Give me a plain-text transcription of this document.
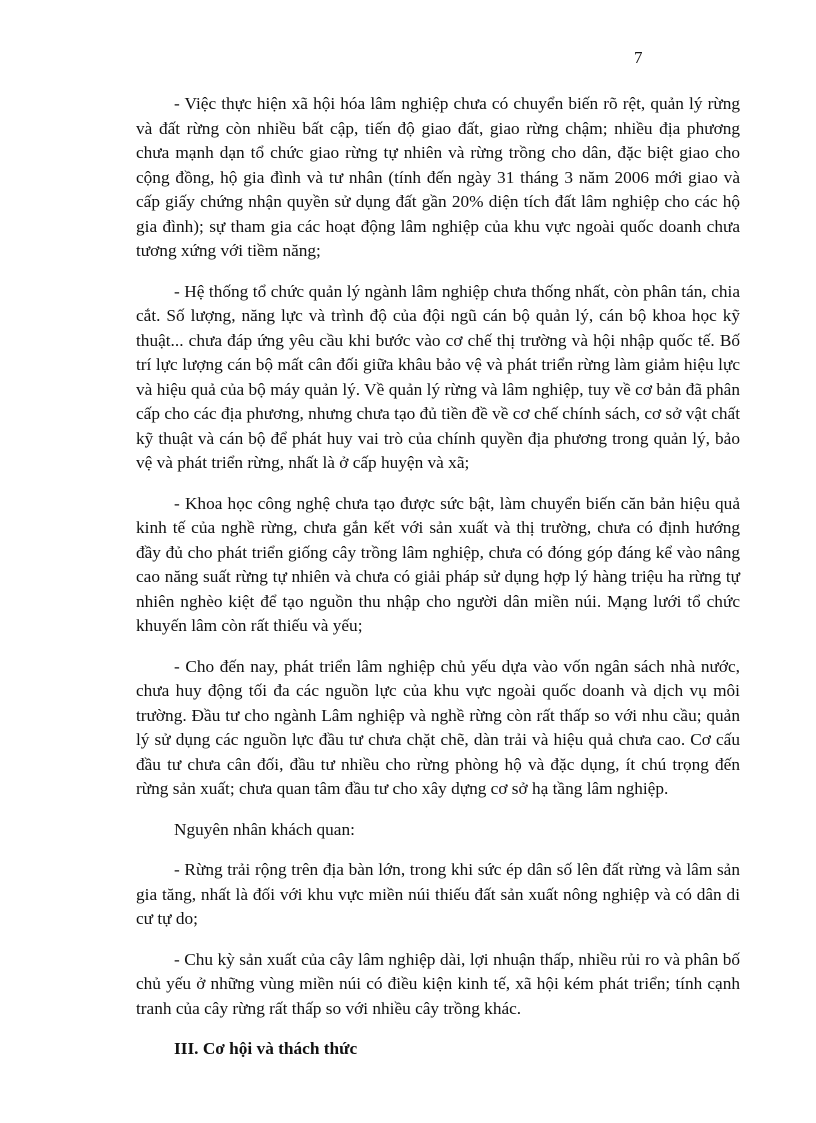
7

- Việc thực hiện xã hội hóa lâm nghiệp chưa có chuyển biến rõ rệt, quản lý rừng và đất rừng còn nhiều bất cập, tiến độ giao đất, giao rừng chậm; nhiều địa phương chưa mạnh dạn tổ chức giao rừng tự nhiên và rừng trồng cho dân, đặc biệt giao cho cộng đồng, hộ gia đình và tư nhân (tính đến ngày 31 tháng 3 năm 2006 mới giao và cấp giấy chứng nhận quyền sử dụng đất gần 20% diện tích đất lâm nghiệp cho các hộ gia đình); sự tham gia các hoạt động lâm nghiệp của khu vực ngoài quốc doanh chưa tương xứng với tiềm năng;

- Hệ thống tổ chức quản lý ngành lâm nghiệp chưa thống nhất, còn phân tán, chia cắt. Số lượng, năng lực và trình độ của đội ngũ cán bộ quản lý, cán bộ khoa học kỹ thuật... chưa đáp ứng yêu cầu khi bước vào cơ chế thị trường và hội nhập quốc tế. Bố trí lực lượng cán bộ mất cân đối giữa khâu bảo vệ và phát triển rừng làm giảm hiệu lực và hiệu quả của bộ máy quản lý. Về quản lý rừng và lâm nghiệp, tuy về cơ bản đã phân cấp cho các địa phương, nhưng chưa tạo đủ tiền đề về cơ chế chính sách, cơ sở vật chất kỹ thuật và cán bộ để phát huy vai trò của chính quyền địa phương trong quản lý, bảo vệ và phát triển rừng, nhất là ở cấp huyện và xã;

- Khoa học công nghệ chưa tạo được sức bật, làm chuyển biến căn bản hiệu quả kinh tế của nghề rừng, chưa gắn kết với sản xuất và thị trường, chưa có định hướng đầy đủ cho phát triển giống cây trồng lâm nghiệp, chưa có đóng góp đáng kể vào nâng cao năng suất rừng tự nhiên và chưa có giải pháp sử dụng hợp lý hàng triệu ha rừng tự nhiên nghèo kiệt để tạo nguồn thu nhập cho người dân miền núi. Mạng lưới tổ chức khuyến lâm còn rất thiếu và yếu;

- Cho đến nay, phát triển lâm nghiệp chủ yếu dựa vào vốn ngân sách nhà nước, chưa huy động tối đa các nguồn lực của khu vực ngoài quốc doanh và dịch vụ môi trường. Đầu tư cho ngành Lâm nghiệp và nghề rừng còn rất thấp so với nhu cầu; quản lý sử dụng các nguồn lực đầu tư chưa chặt chẽ, dàn trải và hiệu quả chưa cao. Cơ cấu đầu tư chưa cân đối, đầu tư nhiều cho rừng phòng hộ và đặc dụng, ít chú trọng đến rừng sản xuất; chưa quan tâm đầu tư cho xây dựng cơ sở hạ tầng lâm nghiệp.

Nguyên nhân khách quan:

- Rừng trải rộng trên địa bàn lớn, trong khi sức ép dân số lên đất rừng và lâm sản gia tăng, nhất là đối với khu vực miền núi thiếu đất sản xuất nông nghiệp và có dân di cư tự do;

- Chu kỳ sản xuất của cây lâm nghiệp dài, lợi nhuận thấp, nhiều rủi ro và phân bố chủ yếu ở những vùng miền núi có điều kiện kinh tế, xã hội kém phát triển; tính cạnh tranh của cây rừng rất thấp so với nhiều cây trồng khác.

III. Cơ hội và thách thức
